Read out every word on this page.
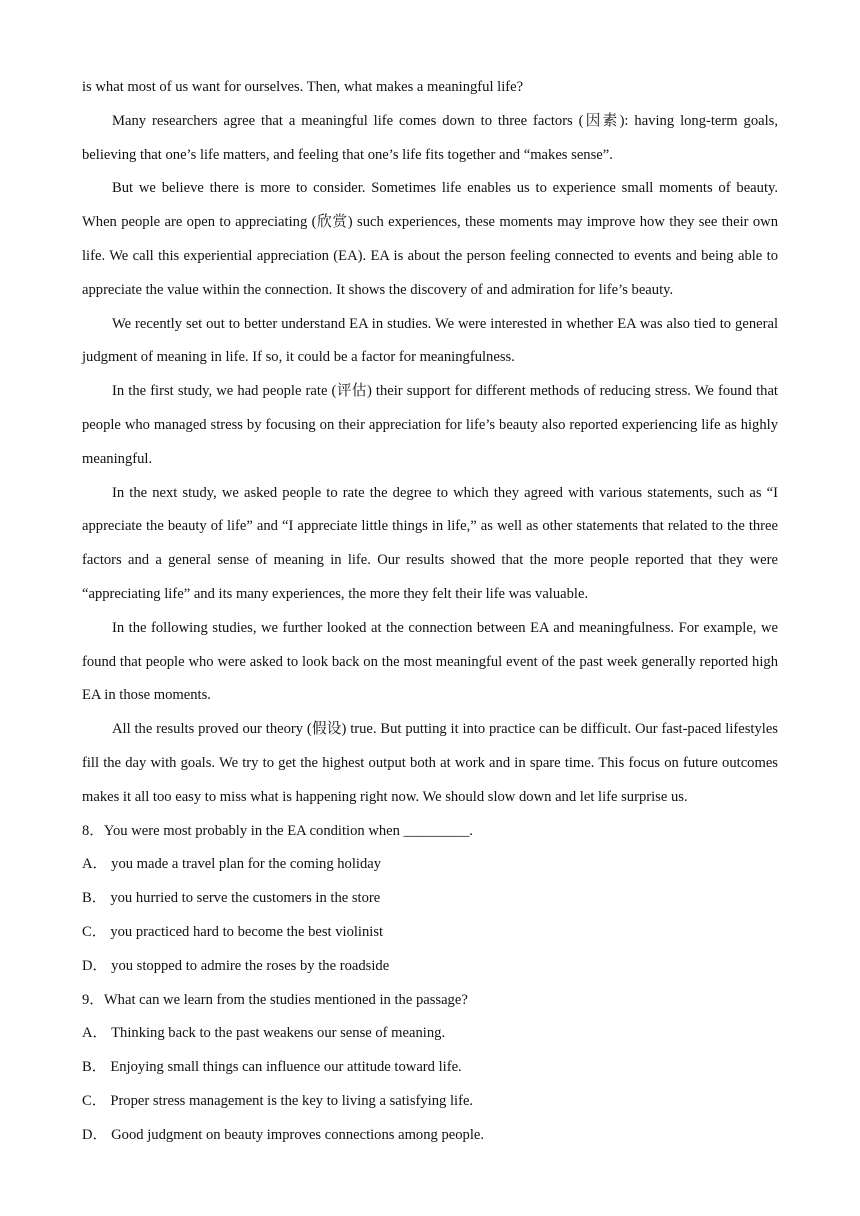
is what most of us want for ourselves. Then, what makes a meaningful life?

Many researchers agree that a meaningful life comes down to three factors (因素): having long-term goals, believing that one’s life matters, and feeling that one’s life fits together and “makes sense”.

But we believe there is more to consider. Sometimes life enables us to experience small moments of beauty. When people are open to appreciating (欣赏) such experiences, these moments may improve how they see their own life. We call this experiential appreciation (EA). EA is about the person feeling connected to events and being able to appreciate the value within the connection. It shows the discovery of and admiration for life’s beauty.

We recently set out to better understand EA in studies. We were interested in whether EA was also tied to general judgment of meaning in life. If so, it could be a factor for meaningfulness.

In the first study, we had people rate (评估) their support for different methods of reducing stress. We found that people who managed stress by focusing on their appreciation for life’s beauty also reported experiencing life as highly meaningful.

In the next study, we asked people to rate the degree to which they agreed with various statements, such as “I appreciate the beauty of life” and “I appreciate little things in life,” as well as other statements that related to the three factors and a general sense of meaning in life. Our results showed that the more people reported that they were “appreciating life” and its many experiences, the more they felt their life was valuable.

In the following studies, we further looked at the connection between EA and meaningfulness. For example, we found that people who were asked to look back on the most meaningful event of the past week generally reported high EA in those moments.

All the results proved our theory (假设) true. But putting it into practice can be difficult. Our fast-paced lifestyles fill the day with goals. We try to get the highest output both at work and in spare time. This focus on future outcomes makes it all too easy to miss what is happening right now. We should slow down and let life surprise us.

8．You were most probably in the EA condition when _________.

A． you made a travel plan for the coming holiday

B． you hurried to serve the customers in the store

C． you practiced hard to become the best violinist

D． you stopped to admire the roses by the roadside

9．What can we learn from the studies mentioned in the passage?

A． Thinking back to the past weakens our sense of meaning.

B． Enjoying small things can influence our attitude toward life.

C． Proper stress management is the key to living a satisfying life.

D． Good judgment on beauty improves connections among people.
